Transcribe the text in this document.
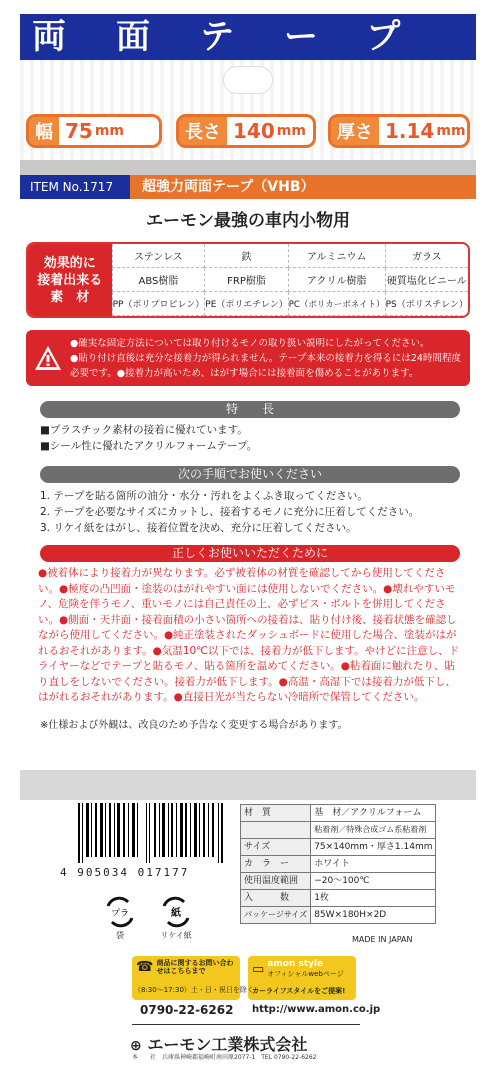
両面テープ
幅 75 mm	長さ 140 mm	厚さ 1.14 mm
ITEM No.1717	超強力両面テープ（VHB）
エーモン最強の車内小物用
効果的に
接着出来る
素　材
ステンレス	鉄	アルミニウム	ガラス
ABS樹脂	FRP樹脂	アクリル樹脂	硬質塩化ビニール
PP（ポリプロピレン） PE（ポリエチレン） PC（ポリカーボネイト） PS（ポリスチレン）
●確実な固定方法については取り付けるモノの取り扱い説明にしたがってください。
●貼り付け直後は充分な接着力が得られません。テープ本来の接着力を得るには24時間程度必要です。●接着力が高いため、はがす場合には接着面を傷めることがあります。
特　　長
■プラスチック素材の接着に優れています。
■シール性に優れたアクリルフォームテープ。
次の手順でお使いください
1. テープを貼る箇所の油分・水分・汚れをよくふき取ってください。
2. テープを必要なサイズにカットし、接着するモノに充分に圧着してください。
3. リケイ紙をはがし、接着位置を決め、充分に圧着してください。
正しくお使いいただくために
●被着体により接着力が異なります。必ず被着体の材質を確認してから使用してください。●極度の凸凹面・塗装のはがれやすい面には使用しないでください。●壊れやすいモノ、危険を伴うモノ、重いモノには自己責任の上、必ずビス・ボルトを併用してください。●側面・天井面・接着面積の小さい箇所への接着は、貼り付け後、接着状態を確認しながら使用してください。●純正塗装されたダッシュボードに使用した場合、塗装がはがれるおそれがあります。●気温10℃以下では、接着力が低下します。やけどに注意し、ドライヤーなどでテープと貼るモノ、貼る箇所を温めてください。●粘着面に触れたり、貼り直しをしないでください。接着力が低下します。●高温・高湿下では接着力が低下し、はがれるおそれがあります。●直接日光が当たらない冷暗所で保管してください。
※仕様および外観は、改良のため予告なく変更する場合があります。
4 905034 017177
材　質	基　材／アクリルフォーム
	粘着剤／特殊合成ゴム系粘着剤
サイズ	75×140mm・厚さ1.14mm
カ　ラ　ー	ホワイト
使用温度範囲	−20〜100℃
入　　　数	1枚
パッケージサイズ	85W×180H×2D
プラ
袋
紙
リケイ紙	MADE IN JAPAN
☎ 商品に関するお問い合わせはこちらまで	▭ amon style
オフィシャルwebページ
（8:30〜17:30）土・日・祝日を除く
0790-22-6262
カーライフスタイルをご提案!
http://www.amon.co.jp
⊕ エーモン工業株式会社
本　　社　兵庫県神崎郡福崎町南田原2077-1　TEL 0790-22-6262
